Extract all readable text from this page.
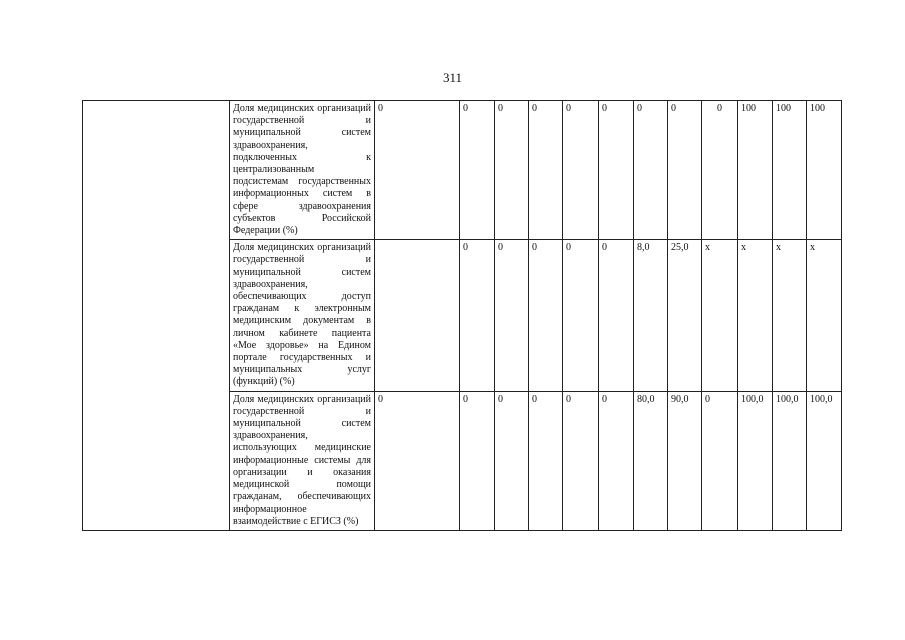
311
	Доля медицинских организаций государственной и муниципальной систем здравоохранения, подключенных к централизованным подсистемам государственных информационных систем в сфере здравоохранения субъектов Российской Федерации (%)	0	0	0	0	0	0	0	0	0	100	100	100
	Доля медицинских организаций государственной и муниципальной систем здравоохранения, обеспечивающих доступ гражданам к электронным медицинским документам в личном кабинете пациента «Мое здоровье» на Едином портале государственных и муниципальных услуг (функций) (%)		0	0	0	0	0	8,0	25,0	x	x	x	x
	Доля медицинских организаций государственной и муниципальной систем здравоохранения, использующих медицинские информационные системы для организации и оказания медицинской помощи гражданам, обеспечивающих информационное взаимодействие с ЕГИСЗ (%)	0	0	0	0	0	0	80,0	90,0	0	100,0	100,0	100,0
